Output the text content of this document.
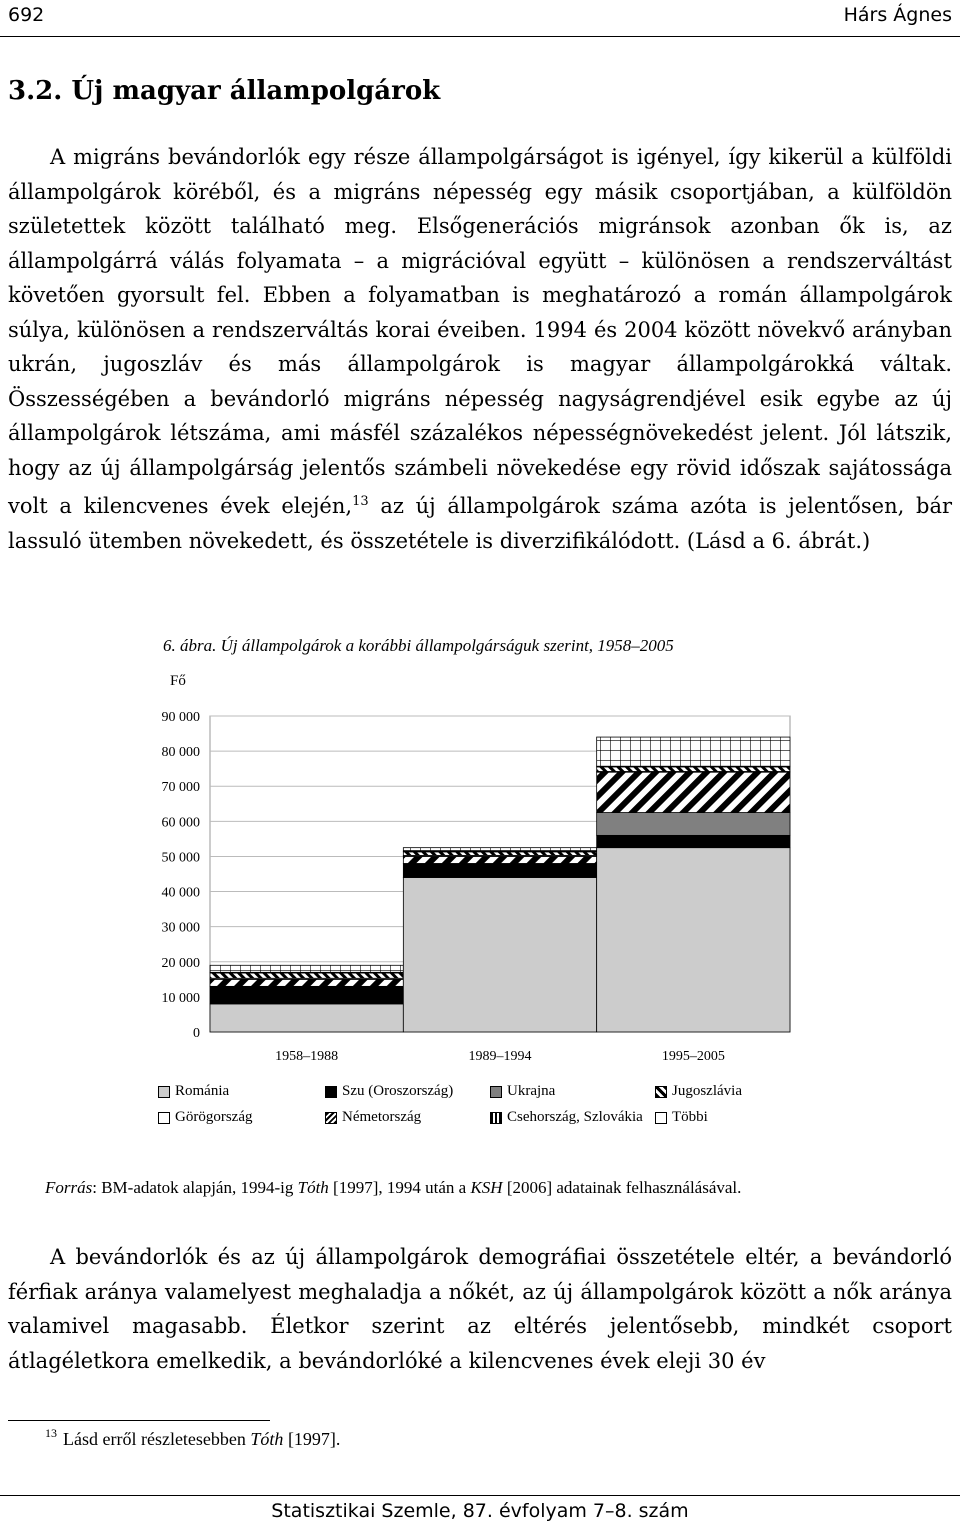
692	Hárs Ágnes
3.2. Új magyar állampolgárok

A migráns bevándorlók egy része állampolgárságot is igényel, így kikerül a külföldi állampolgárok köréből, és a migráns népesség egy másik csoportjában, a külföldön születettek között található meg. Elsőgenerációs migránsok azonban ők is, az állampolgárrá válás folyamata – a migrációval együtt – különösen a rendszerváltást követően gyorsult fel. Ebben a folyamatban is meghatározó a román állampolgárok súlya, különösen a rendszerváltás korai éveiben. 1994 és 2004 között növekvő arányban ukrán, jugoszláv és más állampolgárok is magyar állampolgárokká váltak. Összességében a bevándorló migráns népesség nagyságrendjével esik egybe az új állampolgárok létszáma, ami másfél százalékos népességnövekedést jelent. Jól látszik, hogy az új állampolgárság jelentős számbeli növekedése egy rövid időszak sajátossága volt a kilencvenes évek elején,$^{13}$ az új állampolgárok száma azóta is jelentősen, bár lassuló ütemben növekedett, és összetétele is diverzifikálódott. (Lásd a 6. ábrát.)

6. ábra. Új állampolgárok a korábbi állampolgárságuk szerint, 1958–2005
Fő
90 000
80 000
70 000
60 000
50 000
40 000
30 000
20 000
10 000
0
1958–1988	1989–1994	1995–2005
Románia	Szu (Oroszország)	Ukrajna	Jugoszlávia
Görögország	Németország	Csehország, Szlovákia Többi
Forrás: BM-adatok alapján, 1994-ig Tóth [1997], 1994 után a KSH [2006] adatainak felhasználásával.

A bevándorlók és az új állampolgárok demográfiai összetétele eltér, a bevándorló férfiak aránya valamelyest meghaladja a nőkét, az új állampolgárok között a nők aránya valamivel magasabb. Életkor szerint az eltérés jelentősebb, mindkét csoport átlagéletkora emelkedik, a bevándorlóké a kilencvenes évek eleji 30 év

$^{13}$ Lásd erről részletesebben Tóth [1997].
Statisztikai Szemle, 87. évfolyam 7–8. szám
